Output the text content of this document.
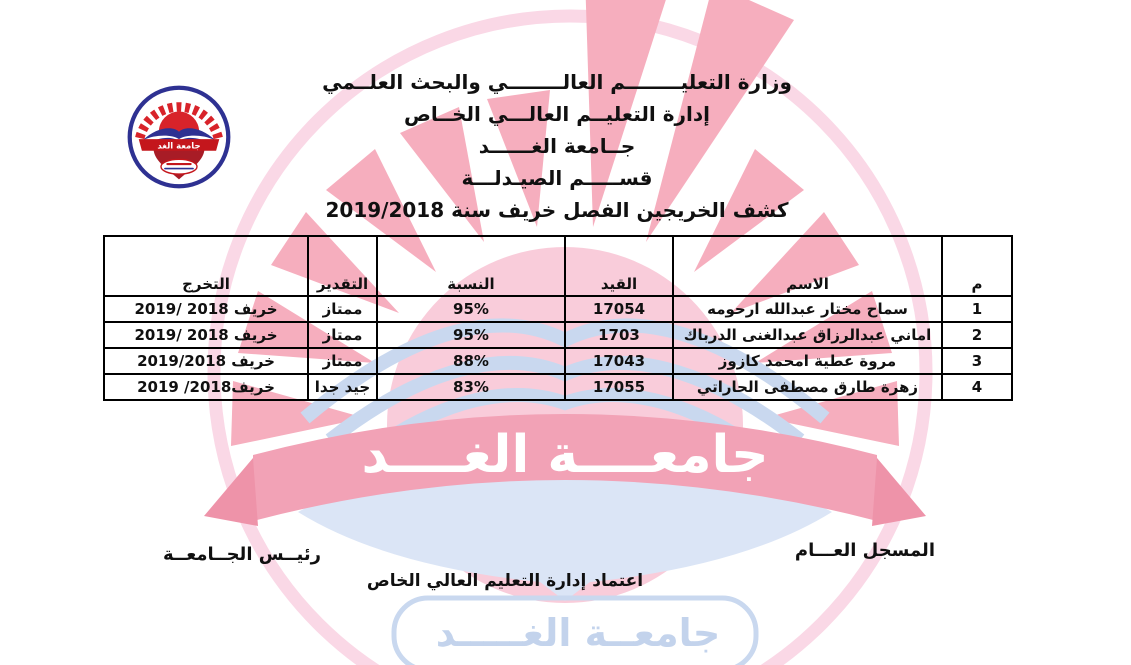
جامعــــة الغــــد
جامعــة الغـــــد
جامعة الغد
وزارة التعليــــــــم العالــــــــي والبحث العلــمي
إدارة التعليــم العالـــي الخــاص
جــامعة الغــــــد
قســـــم الصيـدلـــة
كشف الخريجين الفصل خريف سنة 2019/2018
م	الاسم	القيد	النسبة	التقدير	التخرج
1	سماح مختار عبدالله ارحومه	17054	95%	ممتاز	خريف 2018 /2019
2	اماني عبدالرزاق عبدالغنى الدرباك	1703	95%	ممتاز	خريف 2018 /2019
3	مروة عطية امحمد كازوز	17043	88%	ممتاز	خريف 2019/2018
4	زهرة طارق مصطفى الحاراتي	17055	83%	جيد جدا	خريف2018/ 2019
المسجل العـــام
رئيــس الجــامعــة
اعتماد إدارة التعليم العالي الخاص
